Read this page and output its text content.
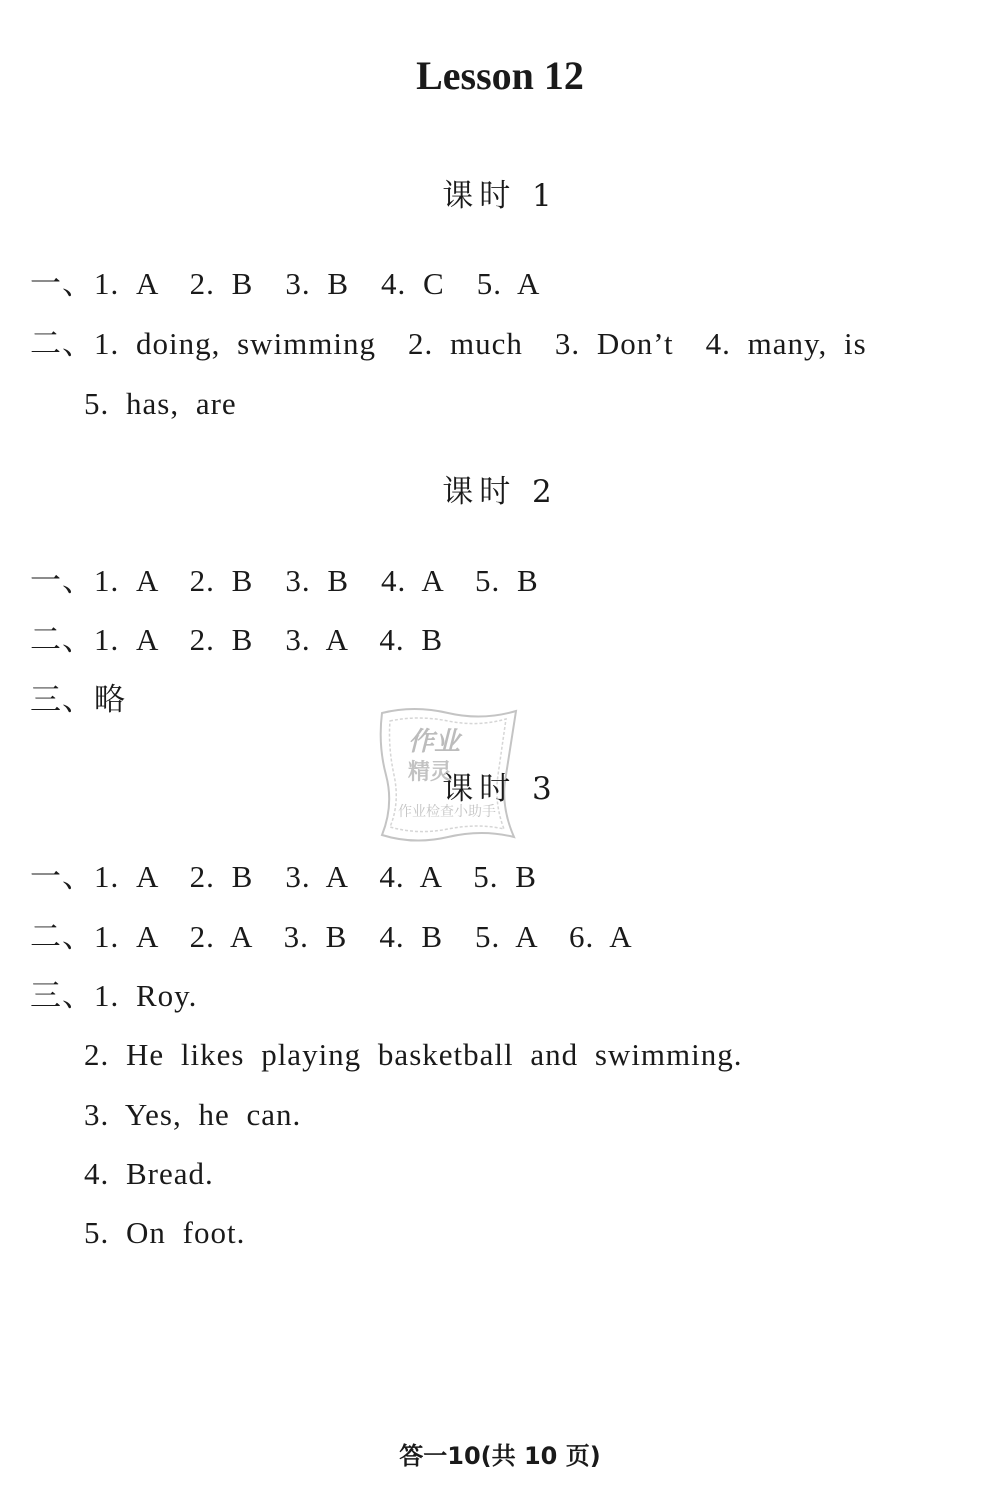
Lesson 12
课时 1
一、1. A　2. B　3. B　4. C　5. A
二、1. doing, swimming　2. much　3. Don’t　4. many, is
5. has, are
课时 2
一、1. A　2. B　3. B　4. A　5. B
二、1. A　2. B　3. A　4. B
三、略
作业
精灵
作业检查小助手
课时 3
一、1. A　2. B　3. A　4. A　5. B
二、1. A　2. A　3. B　4. B　5. A　6. A
三、1. Roy.
2. He likes playing basketball and swimming.
3. Yes, he can.
4. Bread.
5. On foot.
答一10(共 10 页)
